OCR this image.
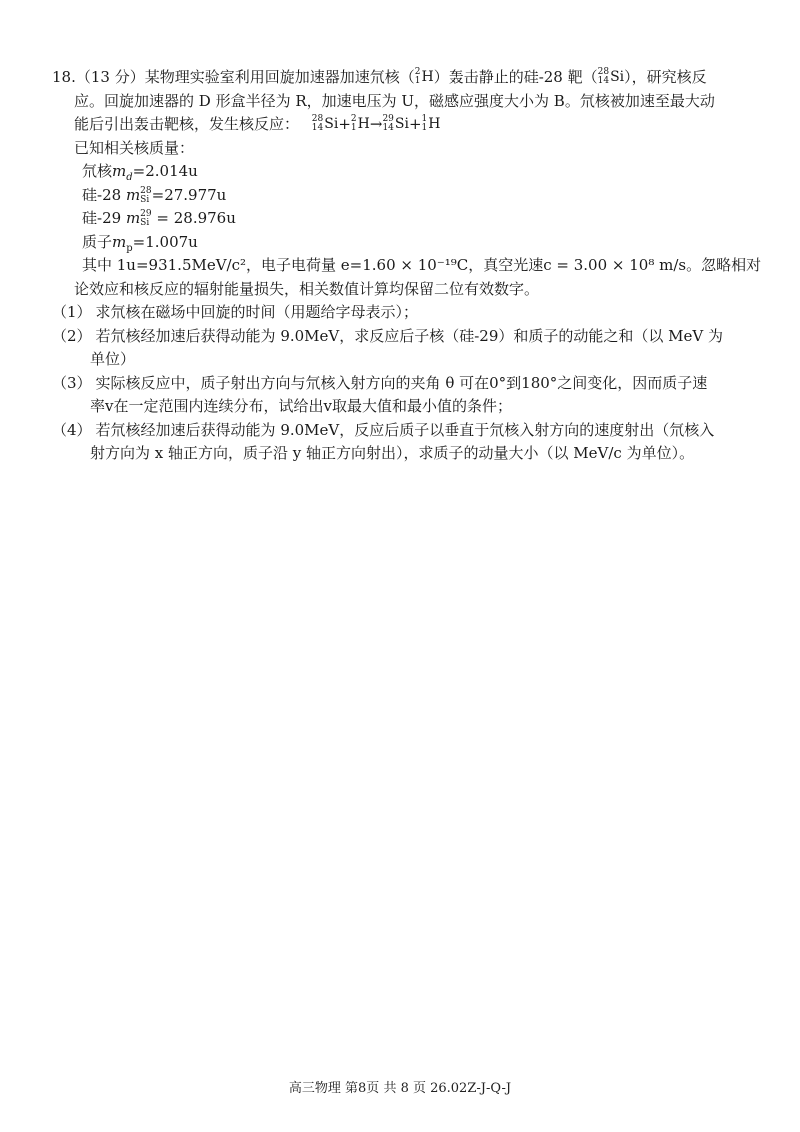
18.（13 分）某物理实验室利用回旋加速器加速氘核（ 2
1 H）轰击静止的硅-28 靶（ 28
14 Si），研究核反
应。回旋加速器的 D 形盒半径为 R，加速电压为 U，磁感应强度大小为 B。氘核被加速至最大动
能后引出轰击靶核，发生核反应： 28
14 Si+ 2
1 H→ 29
14 Si+ 1
1 H
已知相关核质量：
氘核$m_d=2.014u$
硅-28 m 28
Si =27.977u
硅-29 m 29
Si = 28.976u
质子$m_p=1.007u$
其中 1u=931.5MeV/c²，电子电荷量 e=1.60 × 10⁻¹⁹C，真空光速c = 3.00 × 10⁸ m/s。忽略相对
论效应和核反应的辐射能量损失，相关数值计算均保留二位有效数字。
（1） 求氘核在磁场中回旋的时间（用题给字母表示）；
（2） 若氘核经加速后获得动能为 9.0MeV，求反应后子核（硅-29）和质子的动能之和（以 MeV 为
单位）
（3） 实际核反应中，质子射出方向与氘核入射方向的夹角 θ 可在0°到180°之间变化，因而质子速
率v在一定范围内连续分布，试给出v取最大值和最小值的条件；
（4） 若氘核经加速后获得动能为 9.0MeV，反应后质子以垂直于氘核入射方向的速度射出（氘核入
射方向为 x 轴正方向，质子沿 y 轴正方向射出），求质子的动量大小（以 MeV/c 为单位）。
高三物理 第8页 共 8 页 26.02Z-J-Q-J
